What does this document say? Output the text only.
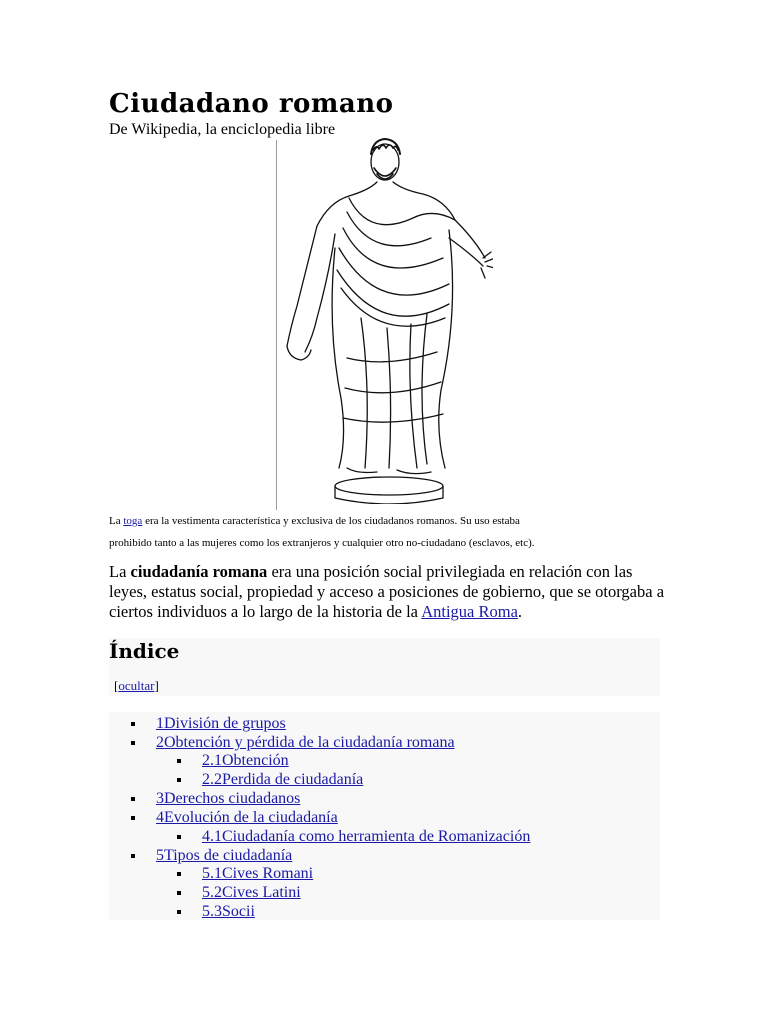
Ciudadano romano
De Wikipedia, la enciclopedia libre
La toga era la vestimenta característica y exclusiva de los ciudadanos romanos. Su uso estaba
prohibido tanto a las mujeres como los extranjeros y cualquier otro no-ciudadano (esclavos, etc).

La ciudadanía romana era una posición social privilegiada en relación con las leyes, estatus social, propiedad y acceso a posiciones de gobierno, que se otorgaba a ciertos individuos a lo largo de la historia de la Antigua Roma.

Índice
[ocultar]
1División de grupos
2Obtención y pérdida de la ciudadanía romana
2.1Obtención
2.2Perdida de ciudadanía
3Derechos ciudadanos
4Evolución de la ciudadanía
4.1Ciudadanía como herramienta de Romanización
5Tipos de ciudadanía
5.1Cives Romani
5.2Cives Latini
5.3Socii
